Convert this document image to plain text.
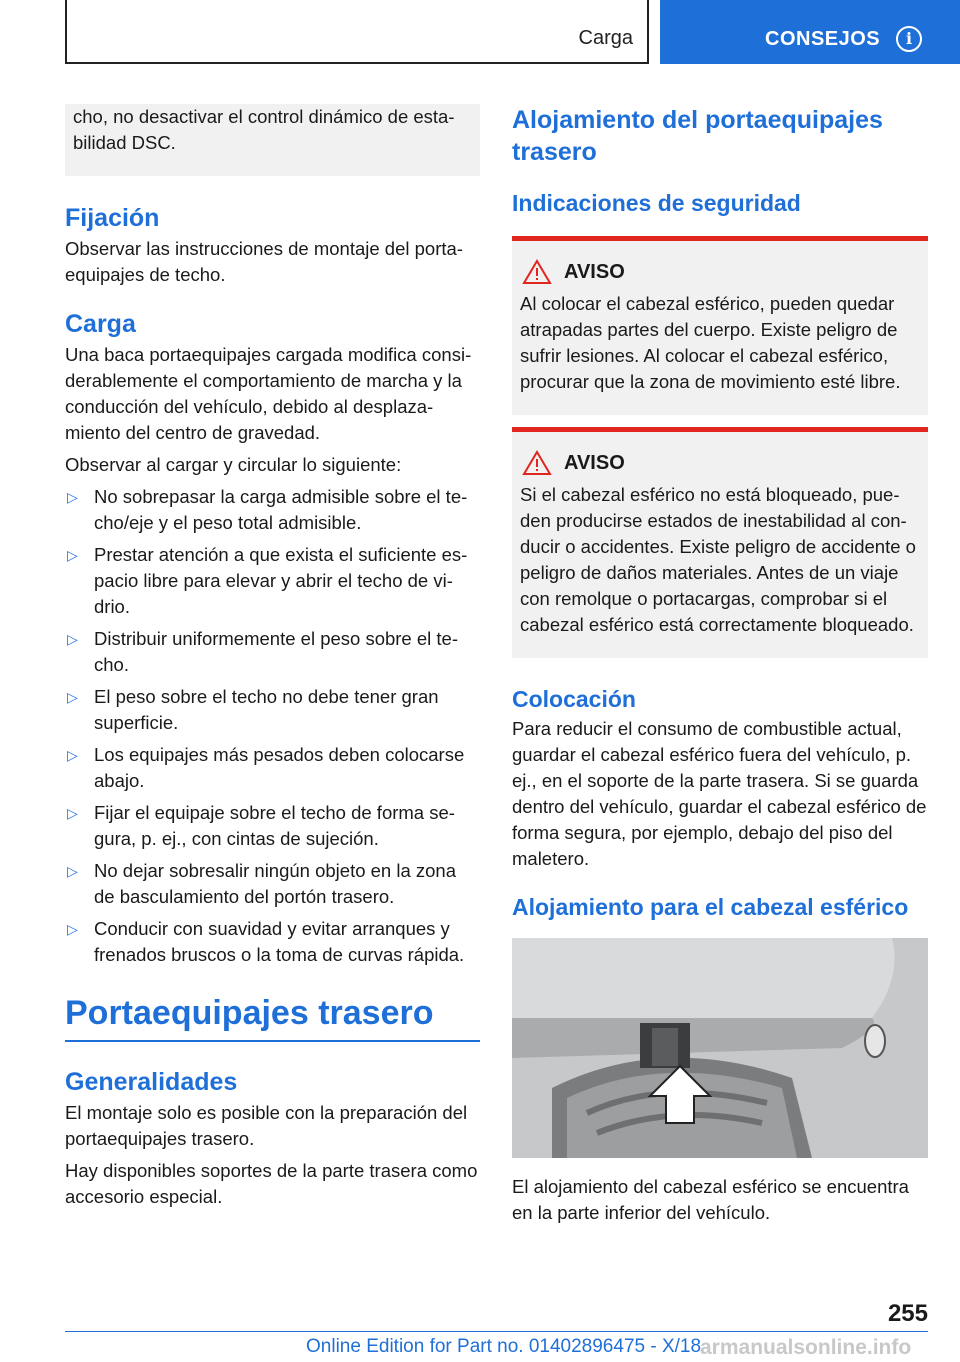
Carga	CONSEJOS	i

cho, no desactivar el control dinámico de estabilidad DSC.

Fijación

Observar las instrucciones de montaje del portaequipajes de techo.

Carga

Una baca portaequipajes cargada modifica considerablemente el comportamiento de marcha y la conducción del vehículo, debido al desplazamiento del centro de gravedad.

Observar al cargar y circular lo siguiente:

▷ No sobrepasar la carga admisible sobre el techo/eje y el peso total admisible.
▷ Prestar atención a que exista el suficiente espacio libre para elevar y abrir el techo de vidrio.
▷ Distribuir uniformemente el peso sobre el techo.
▷ El peso sobre el techo no debe tener gran superficie.
▷ Los equipajes más pesados deben colocarse abajo.
▷ Fijar el equipaje sobre el techo de forma segura, p. ej., con cintas de sujeción.
▷ No dejar sobresalir ningún objeto en la zona de basculamiento del portón trasero.
▷ Conducir con suavidad y evitar arranques y frenados bruscos o la toma de curvas rápida.
Portaequipajes trasero
Generalidades

El montaje solo es posible con la preparación del portaequipajes trasero.

Hay disponibles soportes de la parte trasera como accesorio especial.

Alojamiento del portaequipajes trasero
Indicaciones de seguridad
AVISO

Al colocar el cabezal esférico, pueden quedar atrapadas partes del cuerpo. Existe peligro de sufrir lesiones. Al colocar el cabezal esférico, procurar que la zona de movimiento esté libre.

AVISO

Si el cabezal esférico no está bloqueado, pueden producirse estados de inestabilidad al conducir o accidentes. Existe peligro de accidente o peligro de daños materiales. Antes de un viaje con remolque o portacargas, comprobar si el cabezal esférico está correctamente bloqueado.

Colocación

Para reducir el consumo de combustible actual, guardar el cabezal esférico fuera del vehículo, p. ej., en el soporte de la parte trasera. Si se guarda dentro del vehículo, guardar el cabezal esférico de forma segura, por ejemplo, debajo del piso del maletero.

Alojamiento para el cabezal esférico

El alojamiento del cabezal esférico se encuentra en la parte inferior del vehículo.

255
Online Edition for Part no. 01402896475 - X/18
armanualsonline.info
